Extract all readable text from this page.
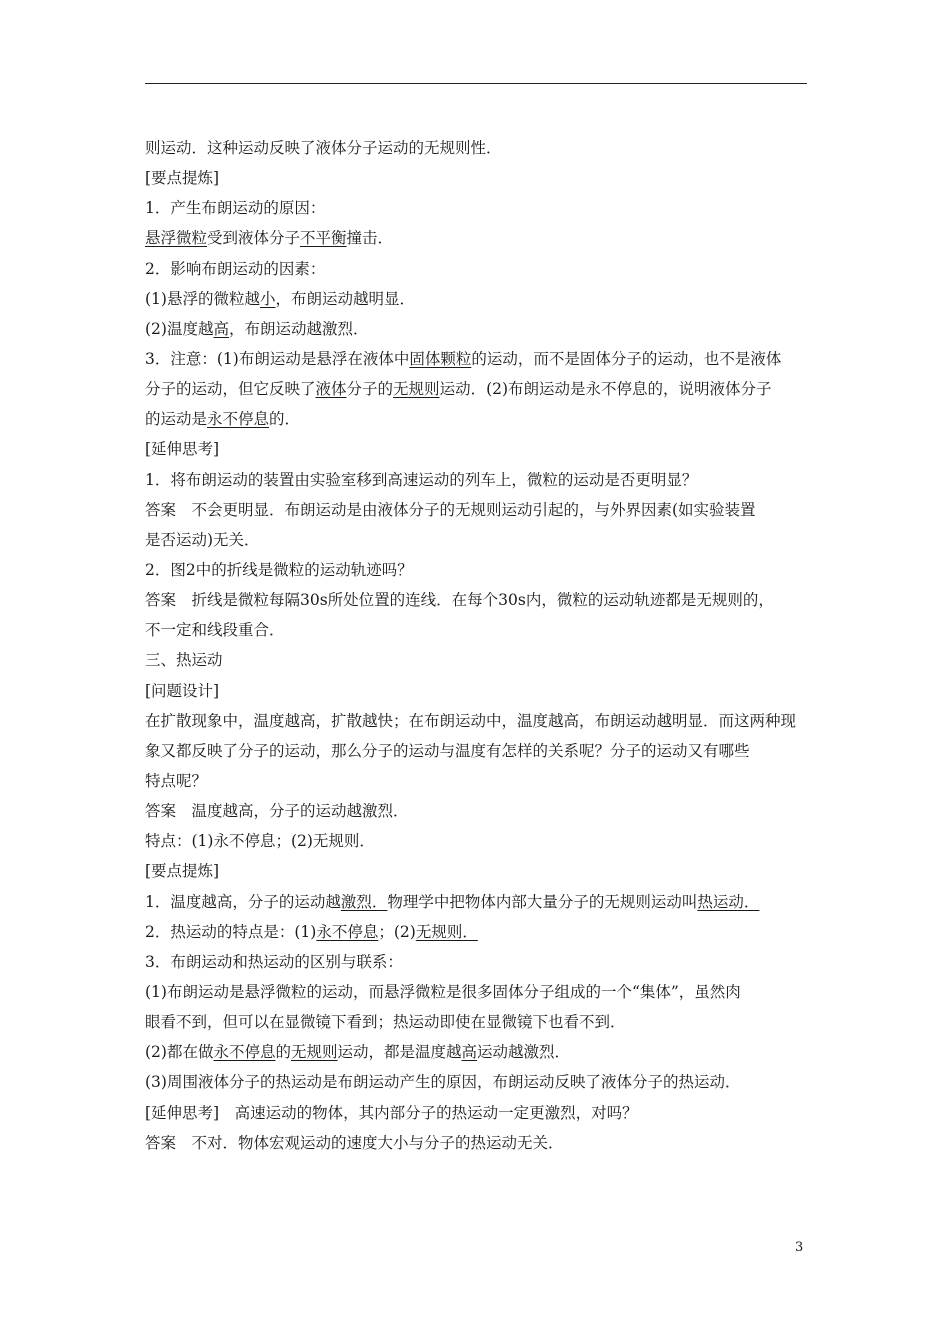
则运动．这种运动反映了液体分子运动的无规则性．
[要点提炼]
1．产生布朗运动的原因：
悬浮微粒受到液体分子不平衡撞击．
2．影响布朗运动的因素：
(1)悬浮的微粒越小，布朗运动越明显．
(2)温度越高，布朗运动越激烈．
3．注意：(1)布朗运动是悬浮在液体中固体颗粒的运动，而不是固体分子的运动，也不是液体
分子的运动，但它反映了液体分子的无规则运动．(2)布朗运动是永不停息的，说明液体分子
的运动是永不停息的．
[延伸思考]
1．将布朗运动的装置由实验室移到高速运动的列车上，微粒的运动是否更明显？
答案　不会更明显．布朗运动是由液体分子的无规则运动引起的，与外界因素(如实验装置
是否运动)无关．
2．图2中的折线是微粒的运动轨迹吗？
答案　折线是微粒每隔30s所处位置的连线．在每个30s内，微粒的运动轨迹都是无规则的，
不一定和线段重合．
三、热运动
[问题设计]
在扩散现象中，温度越高，扩散越快；在布朗运动中，温度越高，布朗运动越明显．而这两种现
象又都反映了分子的运动，那么分子的运动与温度有怎样的关系呢？分子的运动又有哪些
特点呢？
答案　温度越高，分子的运动越激烈．
特点：(1)永不停息；(2)无规则．
[要点提炼]
1．温度越高，分子的运动越激烈．物理学中把物体内部大量分子的无规则运动叫热运动．
2．热运动的特点是：(1)永不停息；(2)无规则．
3．布朗运动和热运动的区别与联系：
(1)布朗运动是悬浮微粒的运动，而悬浮微粒是很多固体分子组成的一个“集体”，虽然肉
眼看不到，但可以在显微镜下看到；热运动即使在显微镜下也看不到．
(2)都在做永不停息的无规则运动，都是温度越高运动越激烈．
(3)周围液体分子的热运动是布朗运动产生的原因，布朗运动反映了液体分子的热运动．
[延伸思考]　高速运动的物体，其内部分子的热运动一定更激烈，对吗？
答案　不对．物体宏观运动的速度大小与分子的热运动无关．
3
